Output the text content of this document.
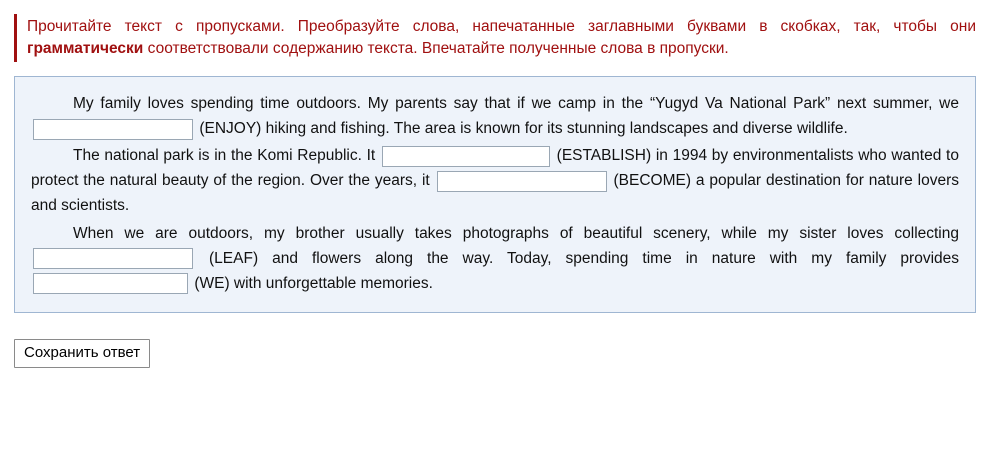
Прочитайте текст с пропусками. Преобразуйте слова, напечатанные заглавными буквами в скобках, так, чтобы они грамматически соответствовали содержанию текста. Впечатайте полученные слова в пропуски.

My family loves spending time outdoors. My parents say that if we camp in the “Yugyd Va National Park” next summer, we  (ENJOY) hiking and fishing. The area is known for its stunning landscapes and diverse wildlife.

The national park is in the Komi Republic. It	(ESTABLISH) in 1994 by environmentalists who wanted to protect the natural beauty of the region. Over the years, it	(BECOME) a popular destination for nature lovers and scientists.

When we are outdoors, my brother usually takes photographs of beautiful scenery, while my sister loves collecting  (LEAF) and flowers along the way. Today, spending time in nature with my family provides  (WE) with unforgettable memories.

Сохранить ответ
